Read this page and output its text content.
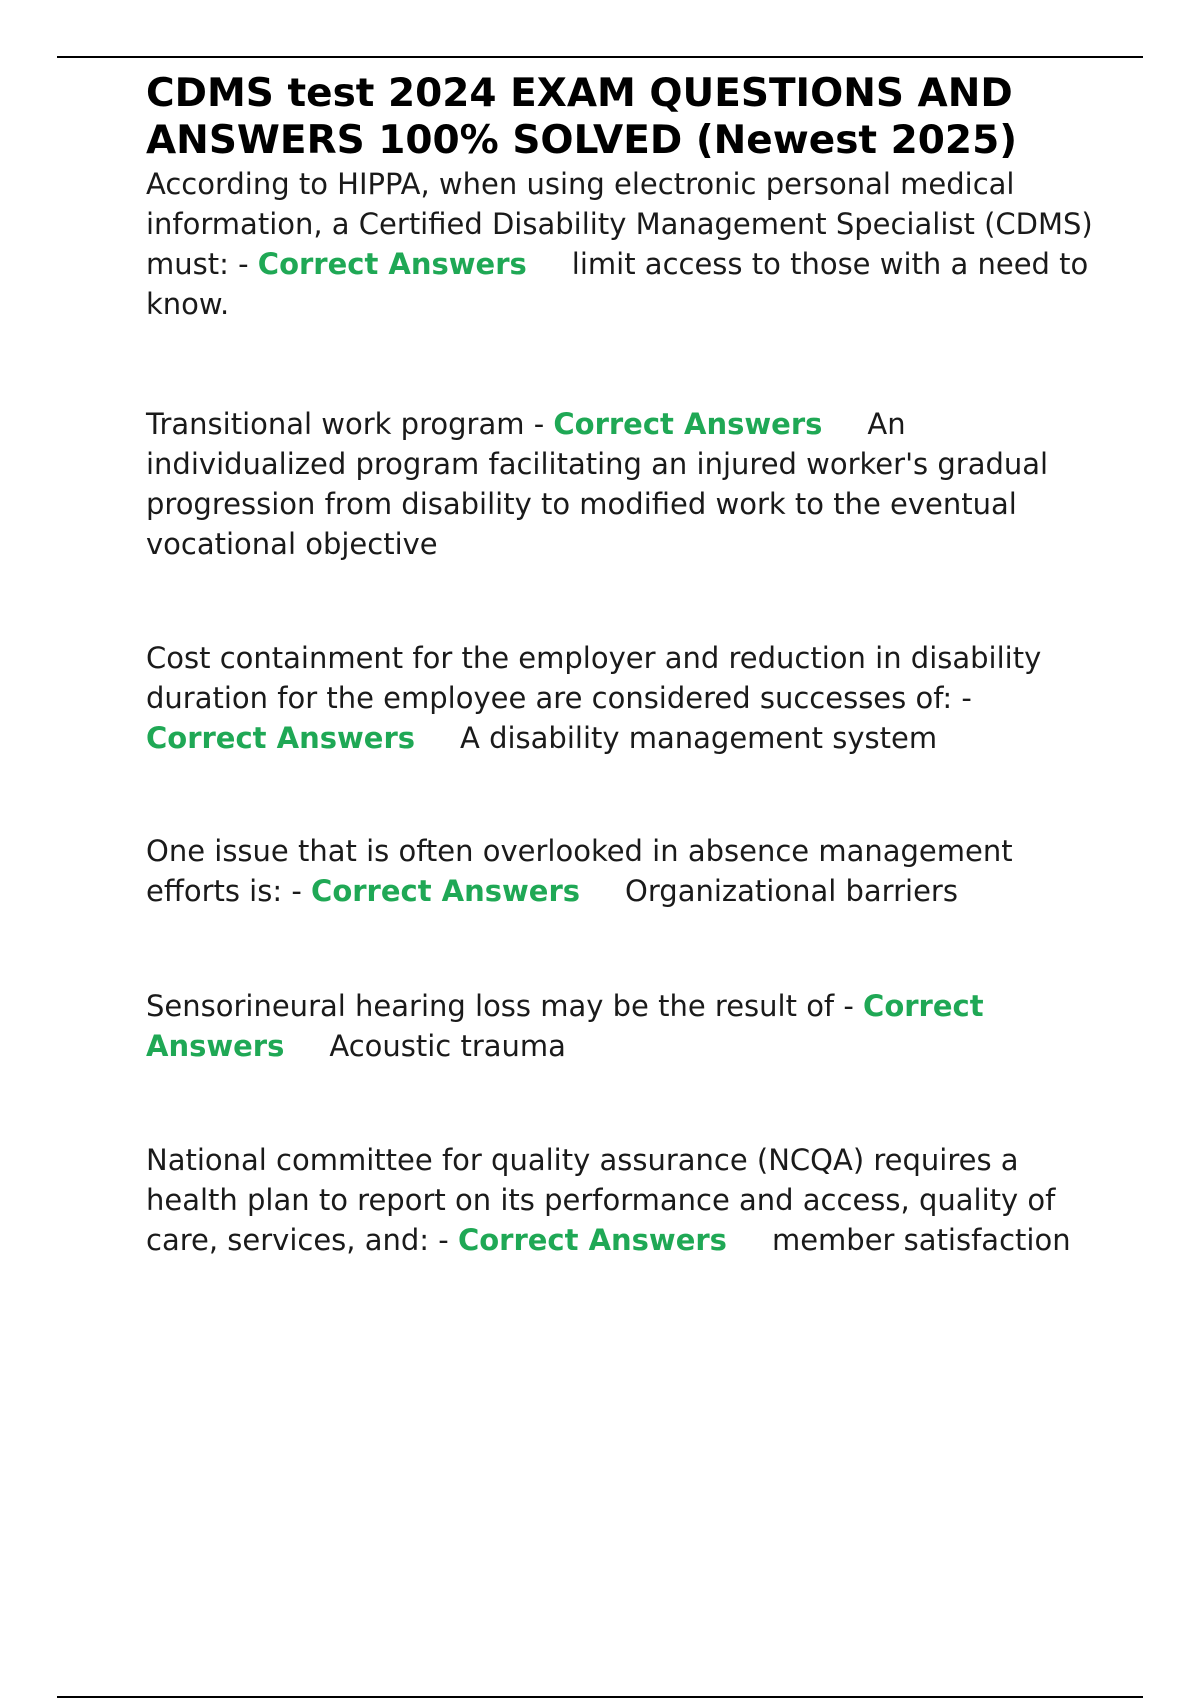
CDMS test 2024 EXAM QUESTIONS AND ANSWERS 100% SOLVED (Newest 2025)
According to HIPPA, when using electronic personal medical information, a Certified Disability Management Specialist (CDMS) must: - Correct Answers limit access to those with a need to know.
Transitional work program - Correct Answers An individualized program facilitating an injured worker's gradual progression from disability to modified work to the eventual vocational objective
Cost containment for the employer and reduction in disability duration for the employee are considered successes of: - Correct Answers A disability management system
One issue that is often overlooked in absence management efforts is: - Correct Answers Organizational barriers
Sensorineural hearing loss may be the result of - Correct Answers Acoustic trauma
National committee for quality assurance (NCQA) requires a health plan to report on its performance and access, quality of care, services, and: - Correct Answers member satisfaction
